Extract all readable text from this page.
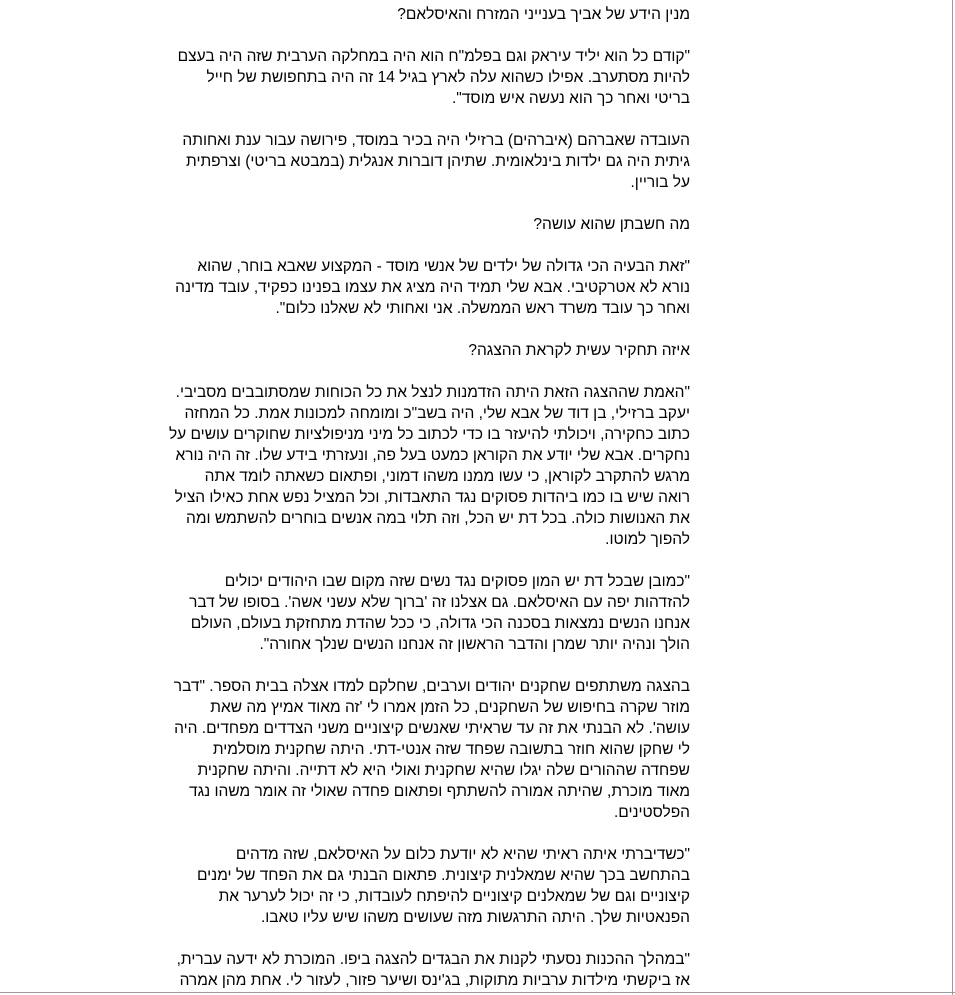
מנין הידע של אביך בענייני המזרח והאיסלאם?

"קודם כל הוא יליד עיראק וגם בפלמ"ח הוא היה במחלקה הערבית שזה היה בעצם
להיות מסתערב. אפילו כשהוא עלה לארץ בגיל 14 זה היה בתחפושת של חייל
בריטי ואחר כך הוא נעשה איש מוסד".

העובדה שאברהם (איברהים) ברזילי היה בכיר במוסד, פירושה עבור ענת ואחותה
גיתית היה גם ילדות בינלאומית. שתיהן דוברות אנגלית (במבטא בריטי) וצרפתית
על בוריין.

מה חשבתן שהוא עושה?

"זאת הבעיה הכי גדולה של ילדים של אנשי מוסד - המקצוע שאבא בוחר, שהוא
נורא לא אטרקטיבי. אבא שלי תמיד היה מציג את עצמו בפנינו כפקיד, עובד מדינה
ואחר כך עובד משרד ראש הממשלה. אני ואחותי לא שאלנו כלום".

איזה תחקיר עשית לקראת ההצגה?

"האמת שההצגה הזאת היתה הזדמנות לנצל את כל הכוחות שמסתובבים מסביבי.
יעקב ברזילי, בן דוד של אבא שלי, היה בשב"כ ומומחה למכונות אמת. כל המחזה
כתוב כחקירה, ויכולתי להיעזר בו כדי לכתוב כל מיני מניפולציות שחוקרים עושים על
נחקרים. אבא שלי יודע את הקוראן כמעט בעל פה, ונעזרתי בידע שלו. זה היה נורא
מרגש להתקרב לקוראן, כי עשו ממנו משהו דמוני, ופתאום כשאתה לומד אתה
רואה שיש בו כמו ביהדות פסוקים נגד התאבדות, וכל המציל נפש אחת כאילו הציל
את האנושות כולה. בכל דת יש הכל, וזה תלוי במה אנשים בוחרים להשתמש ומה
להפוך למוטו.

"כמובן שבכל דת יש המון פסוקים נגד נשים שזה מקום שבו היהודים יכולים
להזדהות יפה עם האיסלאם. גם אצלנו זה 'ברוך שלא עשני אשה'. בסופו של דבר
אנחנו הנשים נמצאות בסכנה הכי גדולה, כי ככל שהדת מתחזקת בעולם, העולם
הולך ונהיה יותר שמרן והדבר הראשון זה אנחנו הנשים שנלך אחורה".

בהצגה משתתפים שחקנים יהודים וערבים, שחלקם למדו אצלה בבית הספר. "דבר
מוזר שקרה בחיפוש של השחקנים, כל הזמן אמרו לי 'זה מאוד אמיץ מה שאת
עושה'. לא הבנתי את זה עד שראיתי שאנשים קיצוניים משני הצדדים מפחדים. היה
לי שחקן שהוא חוזר בתשובה שפחד שזה אנטי-דתי. היתה שחקנית מוסלמית
שפחדה שההורים שלה יגלו שהיא שחקנית ואולי היא לא דתייה. והיתה שחקנית
מאוד מוכרת, שהיתה אמורה להשתתף ופתאום פחדה שאולי זה אומר משהו נגד
הפלסטינים.

"כשדיברתי איתה ראיתי שהיא לא יודעת כלום על האיסלאם, שזה מדהים
בהתחשב בכך שהיא שמאלנית קיצונית. פתאום הבנתי גם את הפחד של ימנים
קיצוניים וגם של שמאלנים קיצוניים להיפתח לעובדות, כי זה יכול לערער את
הפנאטיות שלך. היתה התרגשות מזה שעושים משהו שיש עליו טאבו.

"במהלך ההכנות נסעתי לקנות את הבגדים להצגה ביפו. המוכרת לא ידעה עברית,
אז ביקשתי מילדות ערביות מתוקות, בג'ינס ושיער פזור, לעזור לי. אחת מהן אמרה
